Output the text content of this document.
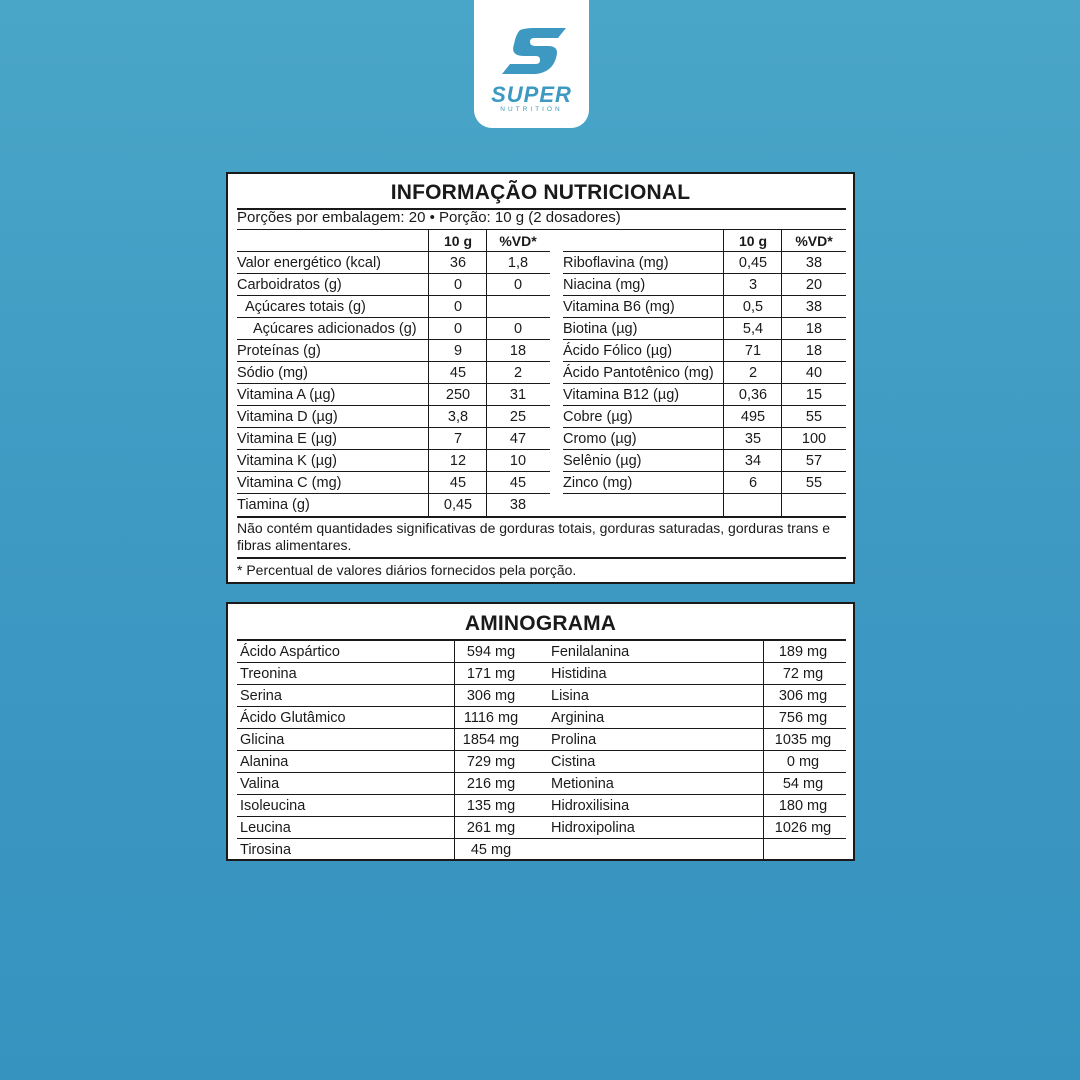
SUPER
NUTRITION
INFORMAÇÃO NUTRICIONAL
Porções por embalagem: 20 • Porção: 10 g (2 dosadores)
10 g	%VD*	10 g	%VD*
Valor energético (kcal)	36	1,8
Carboidratos (g)	0	0
Açúcares totais (g)	0
Açúcares adicionados (g)	0	0
Proteínas (g)	9	18
Sódio (mg)	45	2
Vitamina A (µg)	250	31
Vitamina D (µg)	3,8	25
Vitamina E (µg)	7	47
Vitamina K (µg)	12	10
Vitamina C (mg)	45	45
Tiamina (g)	0,45	38
Riboflavina (mg)	0,45	38
Niacina (mg)	3	20
Vitamina B6 (mg)	0,5	38
Biotina (µg)	5,4	18
Ácido Fólico (µg)	71	18
Ácido Pantotênico (mg)	2	40
Vitamina B12 (µg)	0,36	15
Cobre (µg)	495	55
Cromo (µg)	35	100
Selênio (µg)	34	57
Zinco (mg)	6	55
Não contém quantidades significativas de gorduras totais, gorduras saturadas, gorduras trans e fibras alimentares.
* Percentual de valores diários fornecidos pela porção.
AMINOGRAMA
Ácido Aspártico	594 mg
Treonina	171 mg
Serina	306 mg
Ácido Glutâmico	1116 mg
Glicina	1854 mg
Alanina	729 mg
Valina	216 mg
Isoleucina	135 mg
Leucina	261 mg
Tirosina	45 mg
Fenilalanina	189 mg
Histidina	72 mg
Lisina	306 mg
Arginina	756 mg
Prolina	1035 mg
Cistina	0 mg
Metionina	54 mg
Hidroxilisina	180 mg
Hidroxipolina	1026 mg
